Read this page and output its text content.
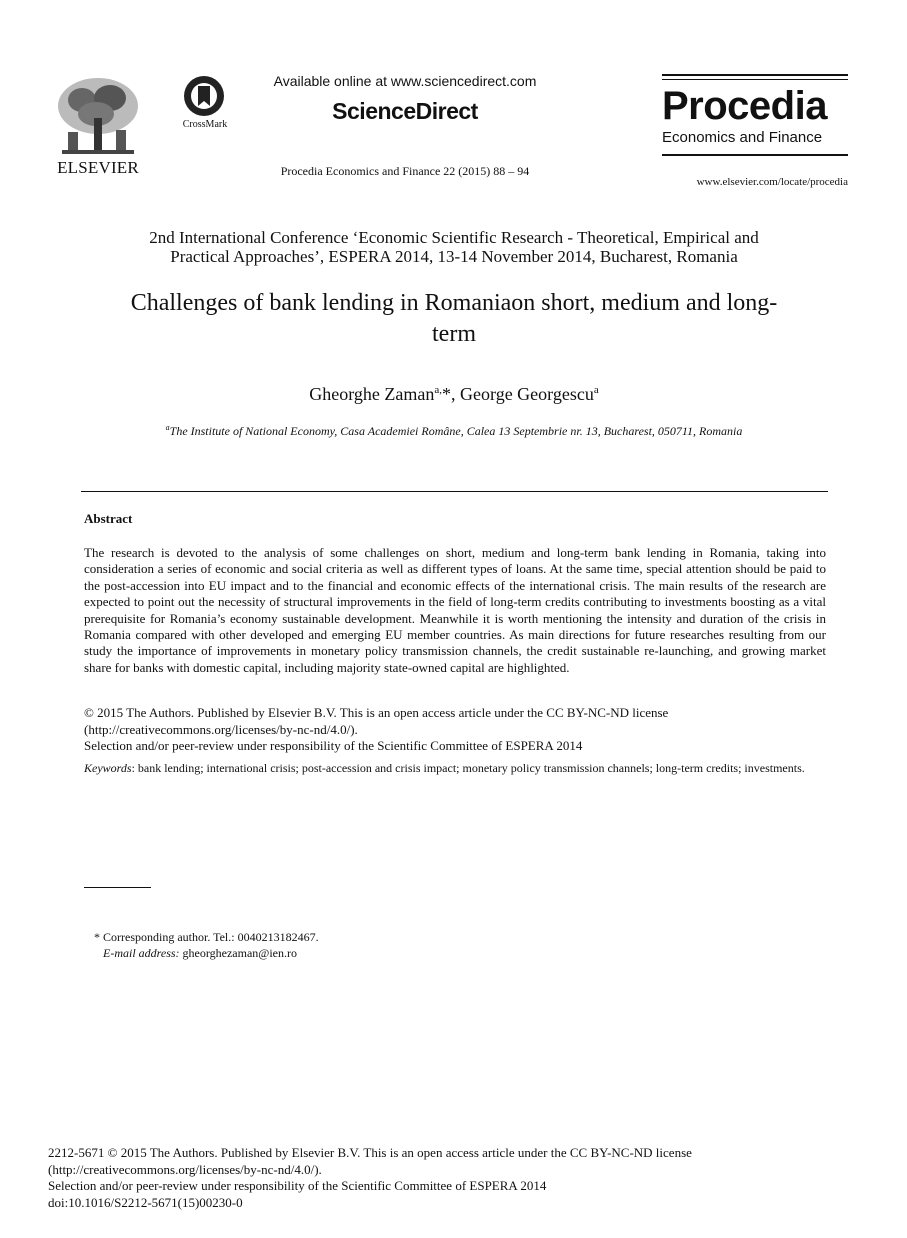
ELSEVIER
CrossMark
Available online at www.sciencedirect.com
ScienceDirect
Procedia Economics and Finance 22 (2015) 88 – 94
Procedia
Economics and Finance
www.elsevier.com/locate/procedia
2nd International Conference ‘Economic Scientific Research - Theoretical, Empirical and
Practical Approaches’, ESPERA 2014, 13-14 November 2014, Bucharest, Romania
Challenges of bank lending in Romaniaon short, medium and long-
term
Gheorghe Zaman$^{a,}$*, George Georgescu$^a$
$^a$The Institute of National Economy, Casa Academiei Române, Calea 13 Septembrie nr. 13, Bucharest, 050711, Romania
Abstract
The research is devoted to the analysis of some challenges on short, medium and long-term bank lending in Romania, taking into consideration a series of economic and social criteria as well as different types of loans. At the same time, special attention should be paid to the post-accession into EU impact and to the financial and economic effects of the international crisis. The main results of the research are expected to point out the necessity of structural improvements in the field of long-term credits contributing to investments boosting as a vital prerequisite for Romania’s economy sustainable development. Meanwhile it is worth mentioning the intensity and duration of the crisis in Romania compared with other developed and emerging EU member countries. As main directions for future researches resulting from our study the importance of improvements in monetary policy transmission channels, the credit sustainable re-launching, and growing market share for banks with domestic capital, including majority state-owned capital are highlighted.
© 2015 The Authors. Published by Elsevier B.V. This is an open access article under the CC BY-NC-ND license
(http://creativecommons.org/licenses/by-nc-nd/4.0/).
Selection and/or peer-review under responsibility of the Scientific Committee of ESPERA 2014
Keywords: bank lending; international crisis; post-accession and crisis impact; monetary policy transmission channels; long-term credits; investments.
* Corresponding author. Tel.: 0040213182467.
E-mail address: gheorghezaman@ien.ro
2212-5671 © 2015 The Authors. Published by Elsevier B.V. This is an open access article under the CC BY-NC-ND license
(http://creativecommons.org/licenses/by-nc-nd/4.0/).
Selection and/or peer-review under responsibility of the Scientific Committee of ESPERA 2014
doi:10.1016/S2212-5671(15)00230-0
